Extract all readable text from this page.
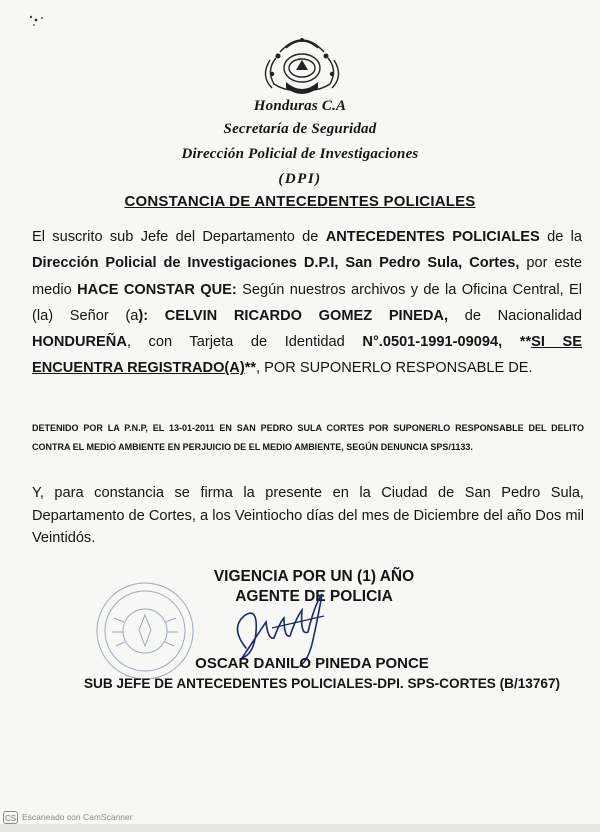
Honduras C.A
Secretaría de Seguridad
Dirección Policial de Investigaciones
(DPI)
CONSTANCIA DE ANTECEDENTES POLICIALES
El suscrito sub Jefe del Departamento de ANTECEDENTES POLICIALES de la Dirección Policial de Investigaciones D.P.I, San Pedro Sula, Cortes, por este medio HACE CONSTAR QUE: Según nuestros archivos y de la Oficina Central, El (la) Señor (a): CELVIN RICARDO GOMEZ PINEDA, de Nacionalidad HONDUREÑA, con Tarjeta de Identidad N°.0501-1991-09094, **SI SE ENCUENTRA REGISTRADO(A)**, POR SUPONERLO RESPONSABLE DE.
DETENIDO POR LA P.N.P, EL 13-01-2011 EN SAN PEDRO SULA CORTES POR SUPONERLO RESPONSABLE DEL DELITO CONTRA EL MEDIO AMBIENTE EN PERJUICIO DE EL MEDIO AMBIENTE, SEGÚN DENUNCIA SPS/1133.
Y, para constancia se firma la presente en la Ciudad de San Pedro Sula, Departamento de Cortes, a los Veintiocho días del mes de Diciembre del año Dos mil Veintidós.
VIGENCIA POR UN (1) AÑO
AGENTE DE POLICIA
OSCAR DANILO PINEDA PONCE
SUB JEFE DE ANTECEDENTES POLICIALES-DPI. SPS-CORTES (B/13767)
CS Escaneado con CamScanner
